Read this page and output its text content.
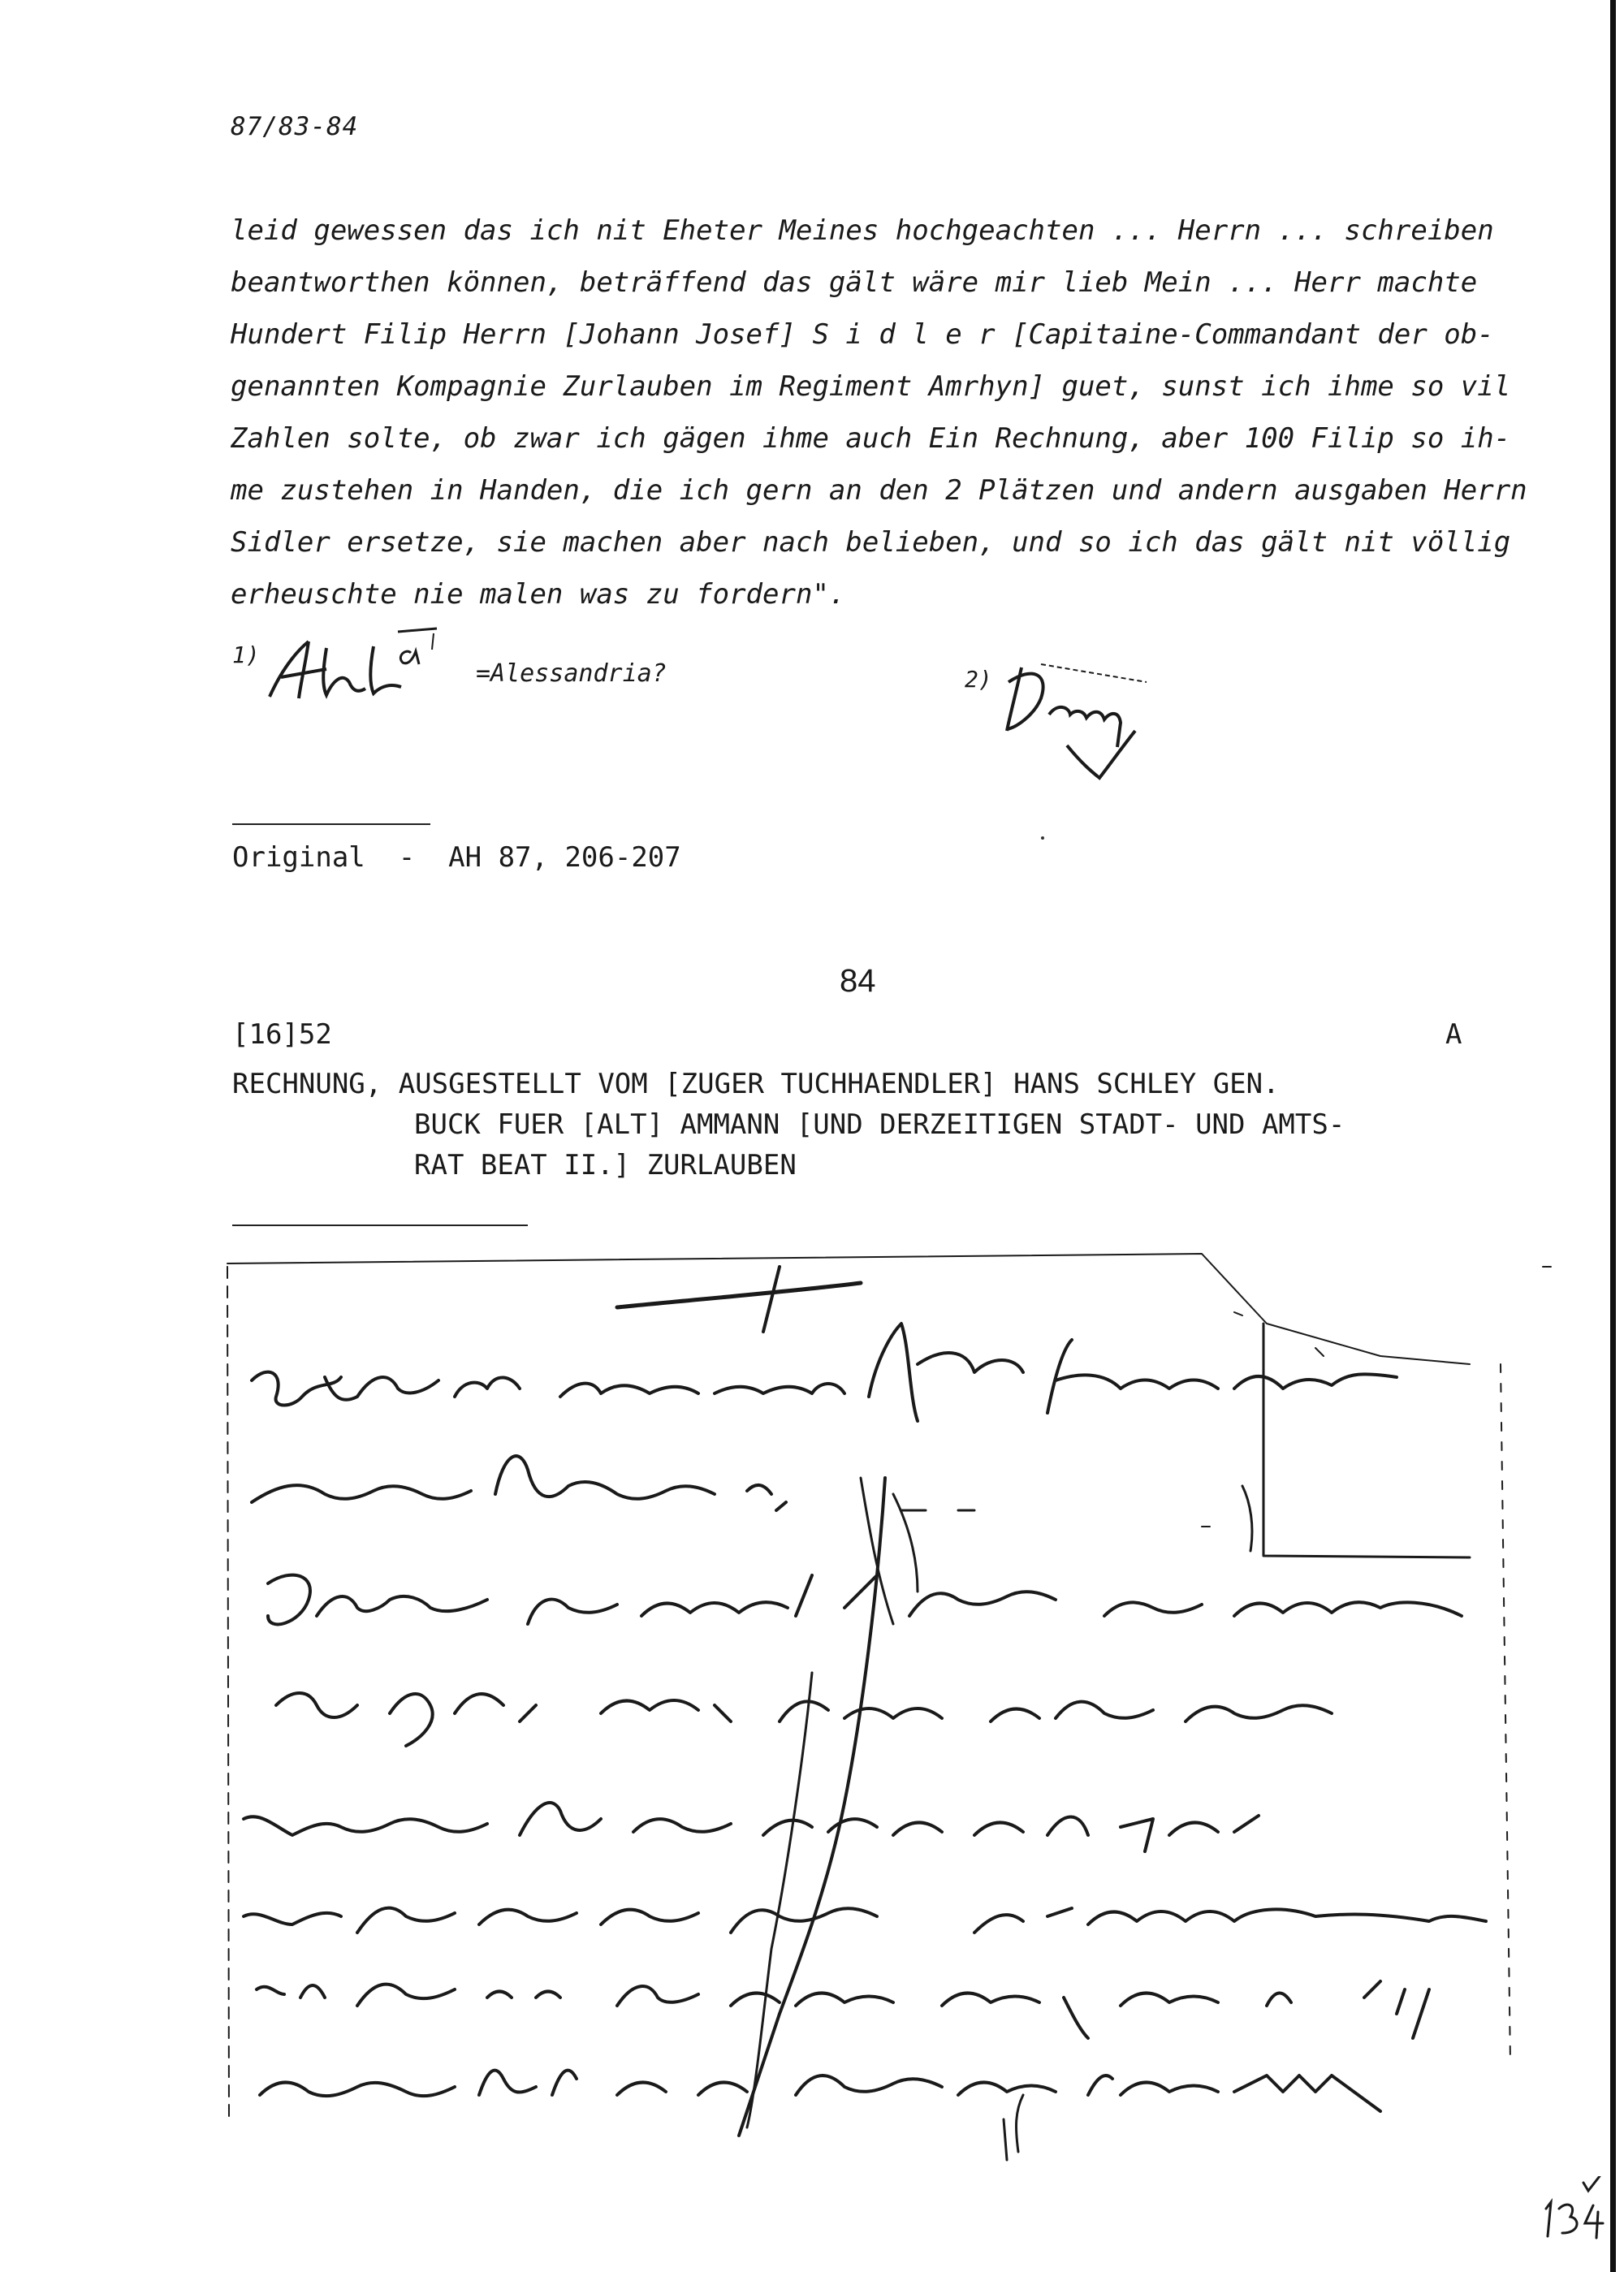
87/83-84

leid gewessen das ich nit Eheter Meines hochgeachten ... Herrn ... schreiben

beantworthen können, beträffend das gält wäre mir lieb Mein ... Herr machte

Hundert Filip Herrn [Johann Josef] S i d l e r [Capitaine-Commandant der ob-

genannten Kompagnie Zurlauben im Regiment Amrhyn] guet, sunst ich ihme so vil

Zahlen solte, ob zwar ich gägen ihme auch Ein Rechnung, aber 100 Filip so ih-

me zustehen in Handen, die ich gern an den 2 Plätzen und andern ausgaben Herrn

Sidler ersetze, sie machen aber nach belieben, und so ich das gält nit völlig

erheuschte nie malen was zu fordern".

1)
=Alessandria?	2)
Original - AH 87, 206-207
84
[16]52	A
RECHNUNG, AUSGESTELLT VOM [ZUGER TUCHHAENDLER] HANS SCHLEY GEN.
BUCK FUER [ALT] AMMANN [UND DERZEITIGEN STADT- UND AMTS-
RAT BEAT II.] ZURLAUBEN
